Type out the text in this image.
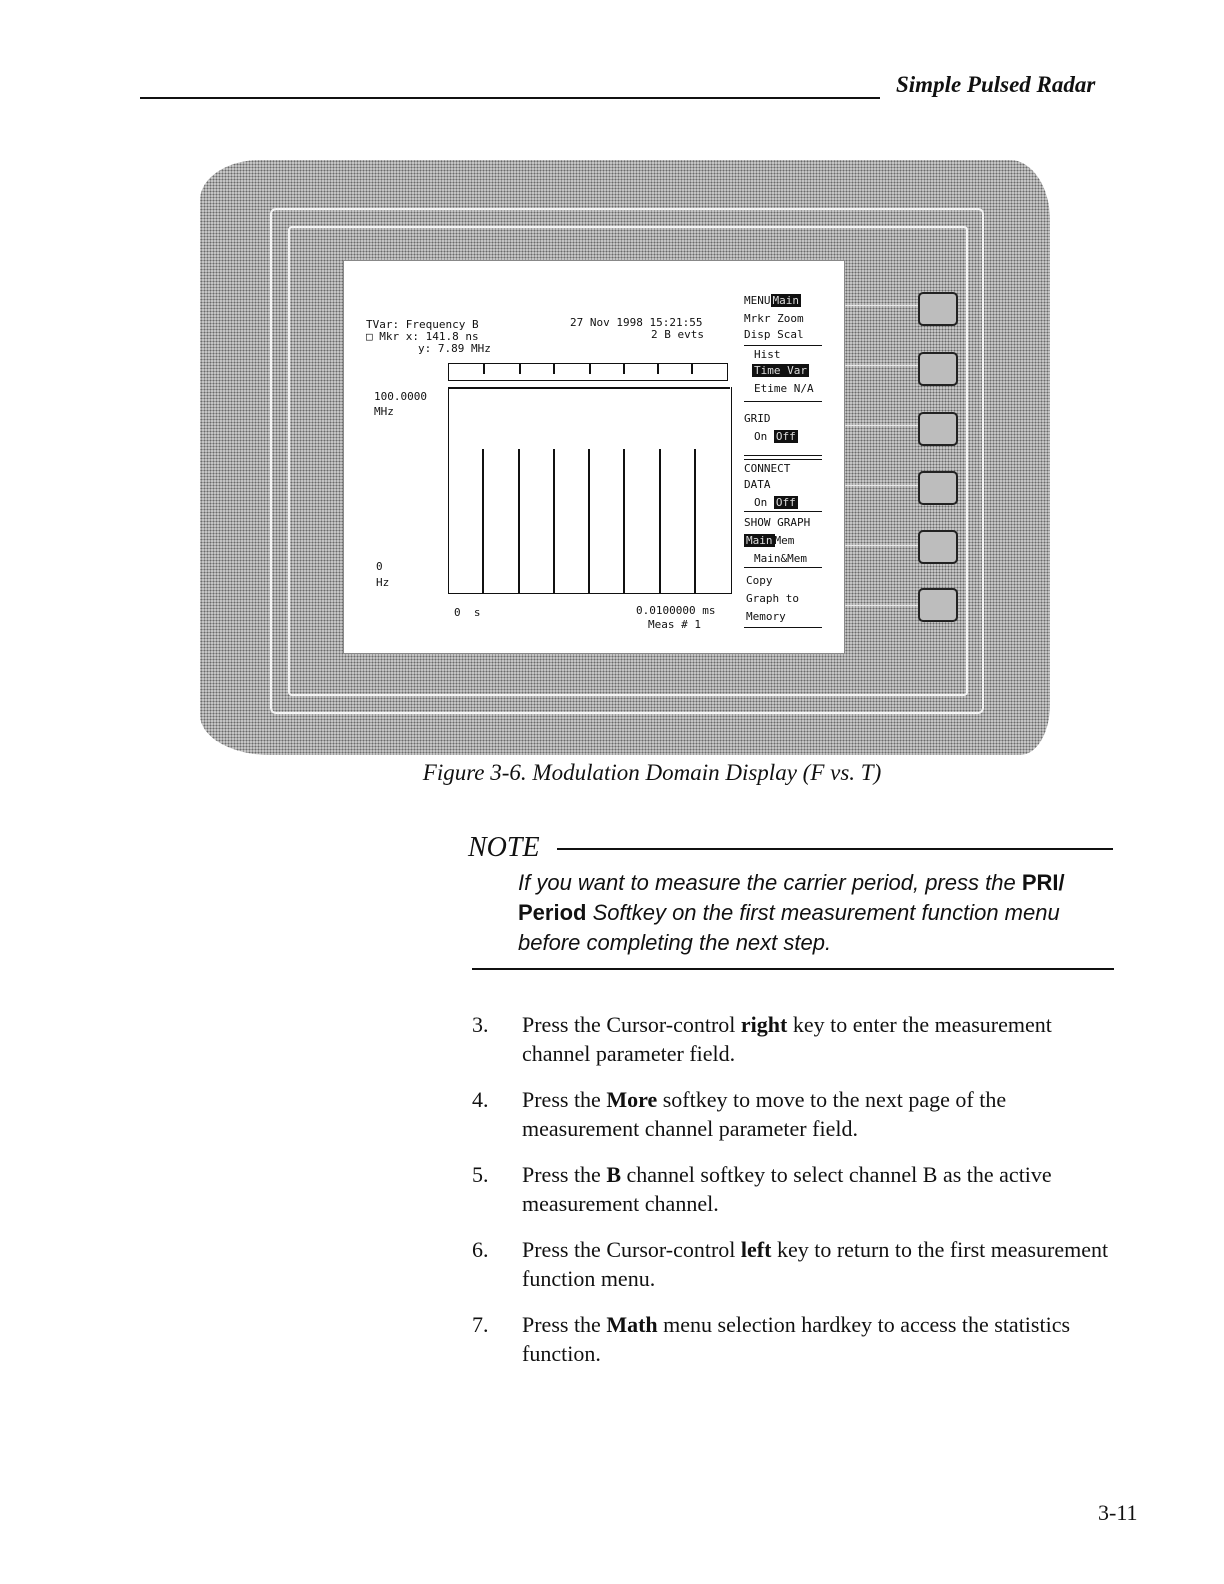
Simple Pulsed Radar
TVar: Frequency B
□ Mkr x: 141.8 ns
y: 7.89 MHz
27 Nov 1998 15:21:55
2 B evts
100.0000
MHz
0
Hz
0  s	0.0100000 ms
Meas # 1
MENU Main
Mrkr Zoom
Disp Scal
Hist
Time Var
Etime N/A
GRID
On Off
CONNECT
DATA
On Off
SHOW GRAPH
Main Mem
Main&Mem
Copy
Graph to
Memory
Figure 3-6. Modulation Domain Display (F vs. T)
NOTE
If you want to measure the carrier period, press the PRI/ Period Softkey on the first measurement function menu before completing the next step.
3. Press the Cursor-control right key to enter the measurement channel parameter field.
4. Press the More softkey to move to the next page of the measurement channel parameter field.
5. Press the B channel softkey to select channel B as the active measurement channel.
6. Press the Cursor-control left key to return to the first measurement function menu.
7. Press the Math menu selection hardkey to access the statistics function.
3-11
